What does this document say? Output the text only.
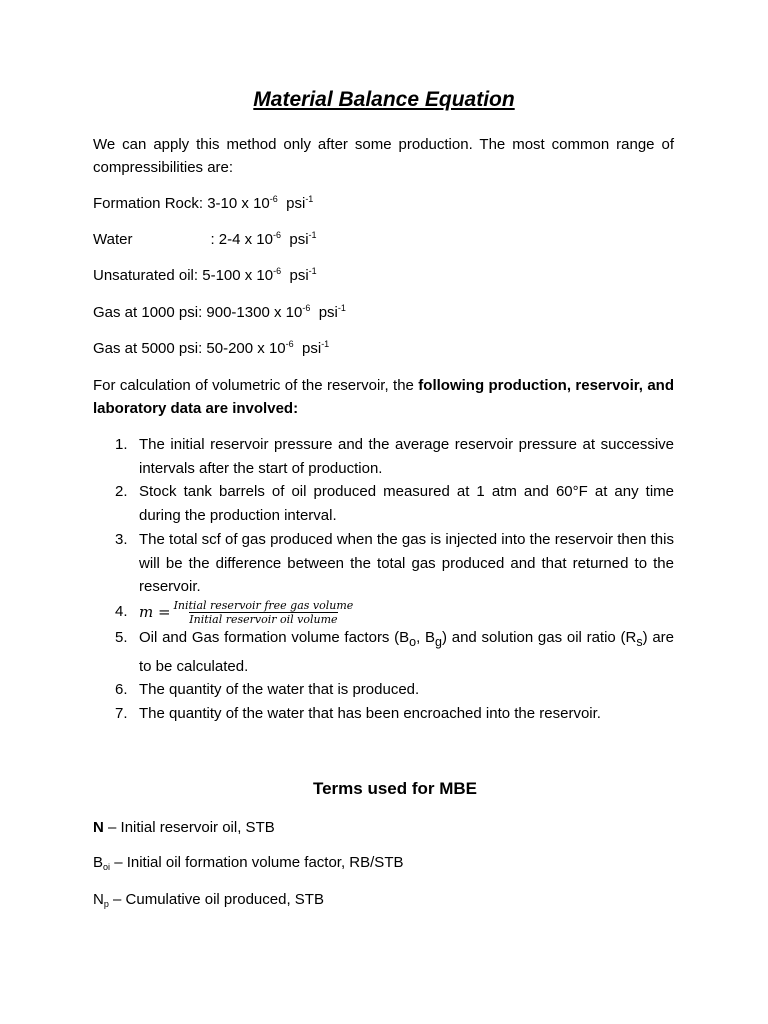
Material Balance Equation
We can apply this method only after some production. The most common range of compressibilities are:
Formation Rock: 3-10 x $10^{-6}$ psi$^{-1}$
Water	: 2-4 x $10^{-6}$ psi$^{-1}$
Unsaturated oil: 5-100 x $10^{-6}$ psi$^{-1}$
Gas at 1000 psi: 900-1300 x $10^{-6}$ psi$^{-1}$
Gas at 5000 psi: 50-200 x $10^{-6}$ psi$^{-1}$
For calculation of volumetric of the reservoir, the following production, reservoir, and laboratory data are involved:
1. The initial reservoir pressure and the average reservoir pressure at successive intervals after the start of production.
2. Stock tank barrels of oil produced measured at 1 atm and 60°F at any time during the production interval.
3. The total scf of gas produced when the gas is injected into the reservoir then this will be the difference between the total gas produced and that returned to the reservoir.
4. $m = \frac{\text{Initial reservoir free gas volume}}{\text{Initial reservoir oil volume}}$
5. Oil and Gas formation volume factors ($B_o$, $B_g$) and solution gas oil ratio $(R_s)$ are to be calculated.
6. The quantity of the water that is produced.
7. The quantity of the water that has been encroached into the reservoir.
Terms used for MBE
N – Initial reservoir oil, STB
$B_{oi}$ – Initial oil formation volume factor, RB/STB
$N_p$ – Cumulative oil produced, STB
